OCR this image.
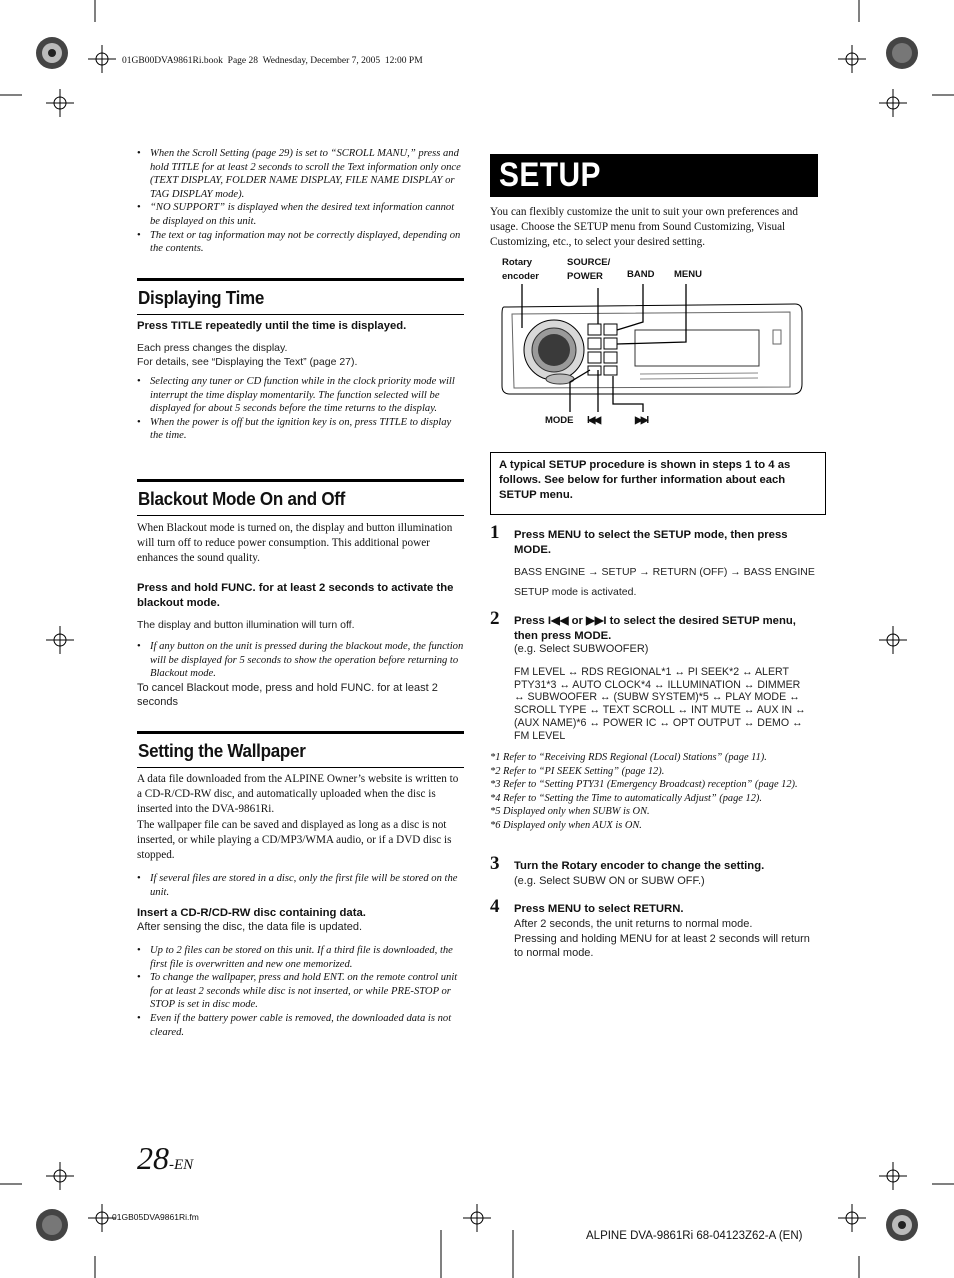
01GB00DVA9861Ri.book  Page 28  Wednesday, December 7, 2005  12:00 PM
• When the Scroll Setting (page 29) is set to “SCROLL MANU,” press and hold TITLE for at least 2 seconds to scroll the Text information only once (TEXT DISPLAY, FOLDER NAME DISPLAY, FILE NAME DISPLAY or TAG DISPLAY mode).
• “NO SUPPORT” is displayed when the desired text information cannot be displayed on this unit.
• The text or tag information may not be correctly displayed, depending on the contents.
Displaying Time
Press TITLE repeatedly until the time is displayed.
Each press changes the display.
For details, see “Displaying the Text” (page 27).
• Selecting any tuner or CD function while in the clock priority mode will interrupt the time display momentarily. The function selected will be displayed for about 5 seconds before the time returns to the display.
• When the power is off but the ignition key is on, press TITLE to display the time.
Blackout Mode On and Off
When Blackout mode is turned on, the display and button illumination will turn off to reduce power consumption. This additional power enhances the sound quality.
Press and hold FUNC. for at least 2 seconds to activate the blackout mode.
The display and button illumination will turn off.
• If any button on the unit is pressed during the blackout mode, the function will be displayed for 5 seconds to show the operation before returning to Blackout mode.
To cancel Blackout mode, press and hold FUNC. for at least 2 seconds
Setting the Wallpaper
A data file downloaded from the ALPINE Owner’s website is written to a CD-R/CD-RW disc, and automatically uploaded when the disc is inserted into the DVA-9861Ri.
The wallpaper file can be saved and displayed as long as a disc is not inserted, or while playing a CD/MP3/WMA audio, or if a DVD disc is stopped.
• If several files are stored in a disc, only the first file will be stored on the unit.
Insert a CD-R/CD-RW disc containing data.
After sensing the disc, the data file is updated.
• Up to 2 files can be stored on this unit. If a third file is downloaded, the first file is overwritten and new one memorized.
• To change the wallpaper, press and hold ENT. on the remote control unit for at least 2 seconds while disc is not inserted, or while PRE-STOP or STOP is set in disc mode.
• Even if the battery power cable is removed, the downloaded data is not cleared.
SETUP
You can flexibly customize the unit to suit your own preferences and usage. Choose the SETUP menu from Sound Customizing, Visual Customizing, etc., to select your desired setting.
Rotary encoder
SOURCE/ POWER	BAND MENU
MODE I◀◀	▶▶I
A typical SETUP procedure is shown in steps 1 to 4 as follows. See below for further information about each SETUP menu.
1 Press MENU to select the SETUP mode, then press MODE.
BASS ENGINE → SETUP → RETURN (OFF) → BASS ENGINE
SETUP mode is activated.
2 Press I◀◀ or ▶▶I to select the desired SETUP menu, then press MODE.
(e.g. Select SUBWOOFER)
FM LEVEL ↔ RDS REGIONAL*1 ↔ PI SEEK*2 ↔ ALERT
PTY31*3 ↔ AUTO CLOCK*4 ↔ ILLUMINATION ↔ DIMMER
↔ SUBWOOFER ↔ (SUBW SYSTEM)*5 ↔ PLAY MODE ↔
SCROLL TYPE ↔ TEXT SCROLL ↔ INT MUTE ↔ AUX IN ↔
(AUX NAME)*6 ↔ POWER IC ↔ OPT OUTPUT ↔ DEMO ↔
FM LEVEL
*1 Refer to “Receiving RDS Regional (Local) Stations” (page 11).
*2 Refer to “PI SEEK Setting” (page 12).
*3 Refer to “Setting PTY31 (Emergency Broadcast) reception” (page 12).
*4 Refer to “Setting the Time to automatically Adjust” (page 12).
*5 Displayed only when SUBW is ON.
*6 Displayed only when AUX is ON.
3 Turn the Rotary encoder to change the setting.
(e.g. Select SUBW ON or SUBW OFF.)
4 Press MENU to select RETURN.
After 2 seconds, the unit returns to normal mode.
Pressing and holding MENU for at least 2 seconds will return to normal mode.
28-EN
01GB05DVA9861Ri.fm
ALPINE DVA-9861Ri 68-04123Z62-A (EN)
